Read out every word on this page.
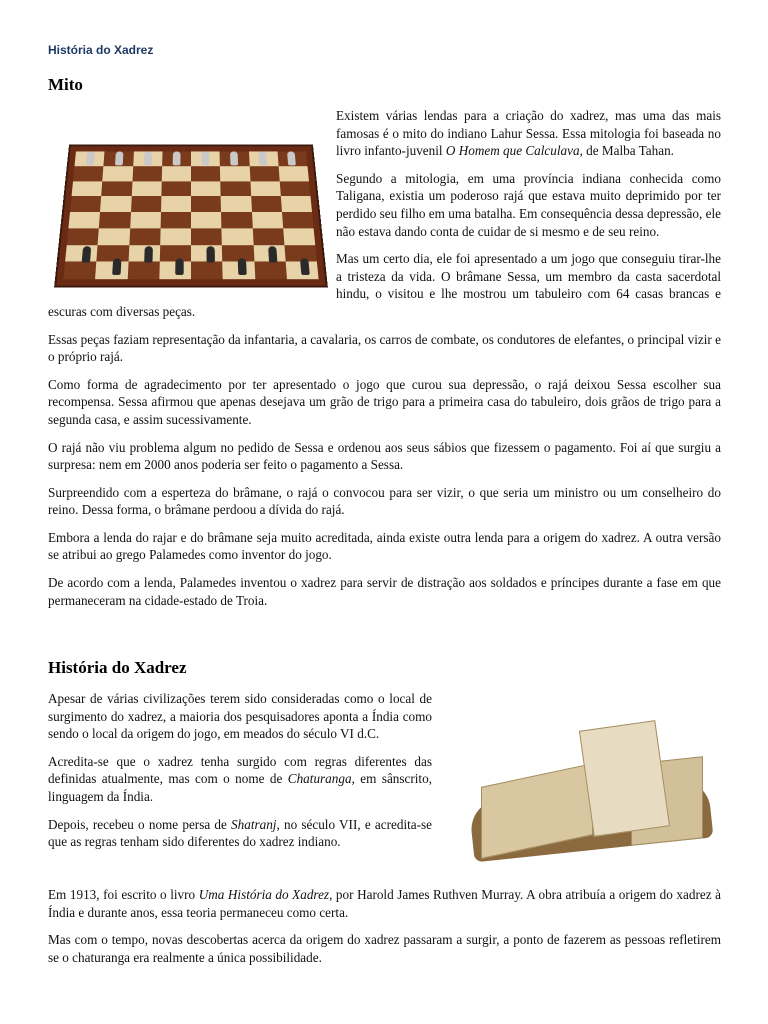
História do Xadrez
Mito

Existem várias lendas para a criação do xadrez, mas uma das mais famosas é o mito do indiano Lahur Sessa. Essa mitologia foi baseada no livro infanto-juvenil O Homem que Calculava, de Malba Tahan.

Segundo a mitologia, em uma província indiana conhecida como Taligana, existia um poderoso rajá que estava muito deprimido por ter perdido seu filho em uma batalha. Em consequência dessa depressão, ele não estava dando conta de cuidar de si mesmo e de seu reino.

Mas um certo dia, ele foi apresentado a um jogo que conseguiu tirar-lhe a tristeza da vida. O brâmane Sessa, um membro da casta sacerdotal hindu, o visitou e lhe mostrou um tabuleiro com 64 casas brancas e escuras com diversas peças.

Essas peças faziam representação da infantaria, a cavalaria, os carros de combate, os condutores de elefantes, o principal vizir e o próprio rajá.

Como forma de agradecimento por ter apresentado o jogo que curou sua depressão, o rajá deixou Sessa escolher sua recompensa. Sessa afirmou que apenas desejava um grão de trigo para a primeira casa do tabuleiro, dois grãos de trigo para a segunda casa, e assim sucessivamente.

O rajá não viu problema algum no pedido de Sessa e ordenou aos seus sábios que fizessem o pagamento. Foi aí que surgiu a surpresa: nem em 2000 anos poderia ser feito o pagamento a Sessa.

Surpreendido com a esperteza do brâmane, o rajá o convocou para ser vizir, o que seria um ministro ou um conselheiro do reino. Dessa forma, o brâmane perdoou a dívida do rajá.

Embora a lenda do rajar e do brâmane seja muito acreditada, ainda existe outra lenda para a origem do xadrez. A outra versão se atribui ao grego Palamedes como inventor do jogo.

De acordo com a lenda, Palamedes inventou o xadrez para servir de distração aos soldados e príncipes durante a fase em que permaneceram na cidade-estado de Troia.

História do Xadrez

Apesar de várias civilizações terem sido consideradas como o local de surgimento do xadrez, a maioria dos pesquisadores aponta a Índia como sendo o local da origem do jogo, em meados do século VI d.C.

Acredita-se que o xadrez tenha surgido com regras diferentes das definidas atualmente, mas com o nome de Chaturanga, em sânscrito, linguagem da Índia.

Depois, recebeu o nome persa de Shatranj, no século VII, e acredita-se que as regras tenham sido diferentes do xadrez indiano.

Em 1913, foi escrito o livro Uma História do Xadrez, por Harold James Ruthven Murray. A obra atribuía a origem do xadrez à Índia e durante anos, essa teoria permaneceu como certa.

Mas com o tempo, novas descobertas acerca da origem do xadrez passaram a surgir, a ponto de fazerem as pessoas refletirem se o chaturanga era realmente a única possibilidade.
